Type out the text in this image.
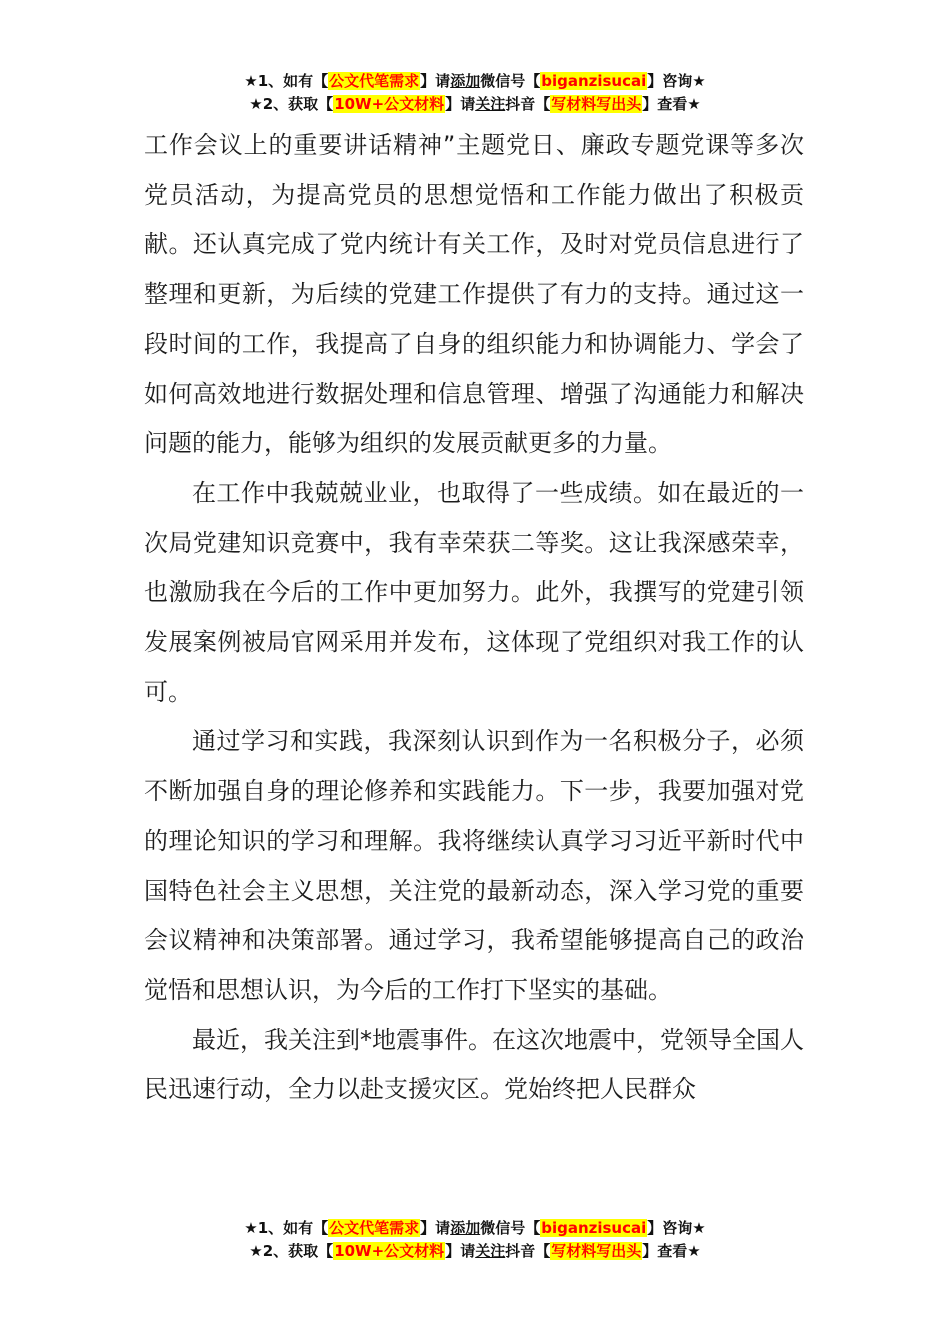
★1、如有【公文代笔需求】请添加微信号【biganzisucai】咨询★
★2、获取【10W+公文材料】请关注抖音【写材料写出头】查看★

工作会议上的重要讲话精神”主题党日、廉政专题党课等多次党员活动，为提高党员的思想觉悟和工作能力做出了积极贡献。还认真完成了党内统计有关工作，及时对党员信息进行了整理和更新，为后续的党建工作提供了有力的支持。通过这一段时间的工作，我提高了自身的组织能力和协调能力、学会了如何高效地进行数据处理和信息管理、增强了沟通能力和解决问题的能力，能够为组织的发展贡献更多的力量。

在工作中我兢兢业业，也取得了一些成绩。如在最近的一次局党建知识竞赛中，我有幸荣获二等奖。这让我深感荣幸，也激励我在今后的工作中更加努力。此外，我撰写的党建引领发展案例被局官网采用并发布，这体现了党组织对我工作的认可。

通过学习和实践，我深刻认识到作为一名积极分子，必须不断加强自身的理论修养和实践能力。下一步，我要加强对党的理论知识的学习和理解。我将继续认真学习习近平新时代中国特色社会主义思想，关注党的最新动态，深入学习党的重要会议精神和决策部署。通过学习，我希望能够提高自己的政治觉悟和思想认识，为今后的工作打下坚实的基础。

最近，我关注到*地震事件。在这次地震中，党领导全国人民迅速行动，全力以赴支援灾区。党始终把人民群众

★1、如有【公文代笔需求】请添加微信号【biganzisucai】咨询★
★2、获取【10W+公文材料】请关注抖音【写材料写出头】查看★
